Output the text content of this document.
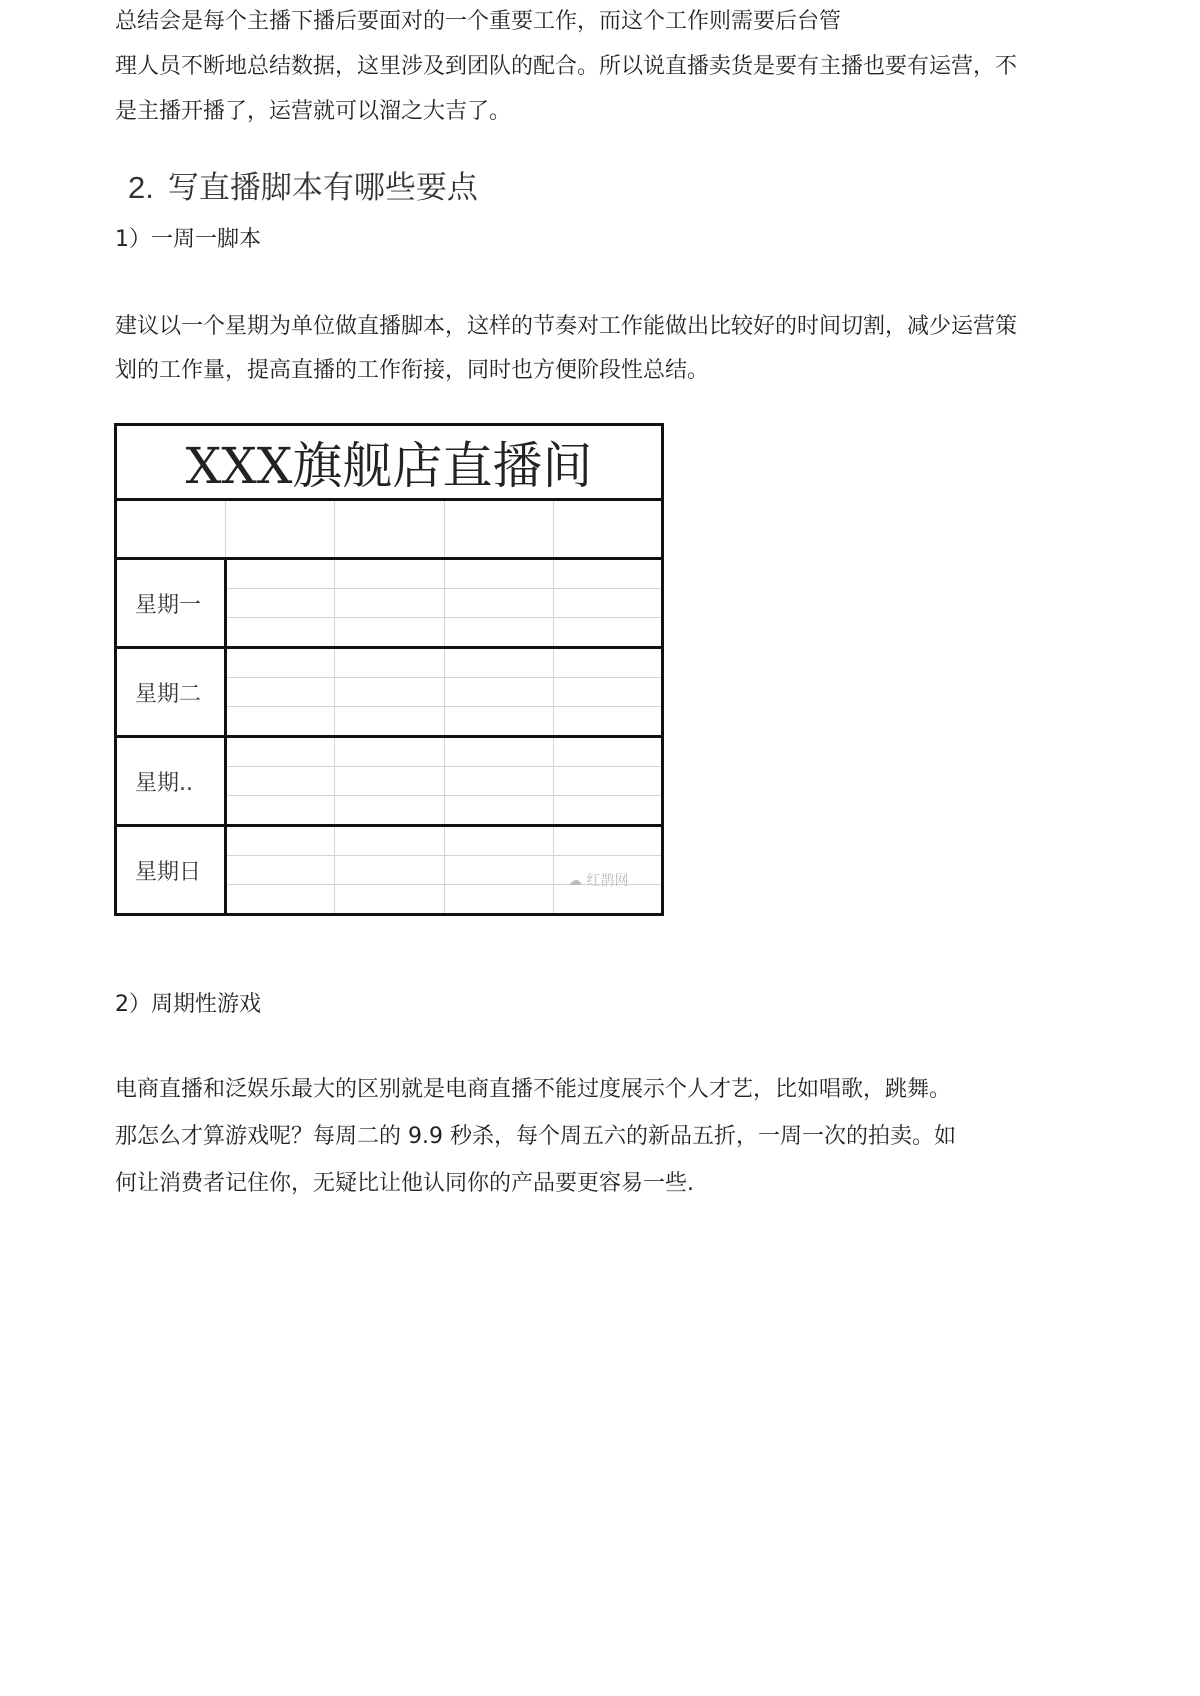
总结会是每个主播下播后要面对的一个重要工作，而这个工作则需要后台管
理人员不断地总结数据，这里涉及到团队的配合。所以说直播卖货是要有主播也要有运营，不
是主播开播了，运营就可以溜之大吉了。
2. 写直播脚本有哪些要点
1）一周一脚本
建议以一个星期为单位做直播脚本，这样的节奏对工作能做出比较好的时间切割，减少运营策
划的工作量，提高直播的工作衔接，同时也方便阶段性总结。
XXX旗舰店直播间				

星期一				

星期二				

星期..				

星期日				

				☁ 红鹊网
2）周期性游戏
电商直播和泛娱乐最大的区别就是电商直播不能过度展示个人才艺，比如唱歌，跳舞。
那怎么才算游戏呢？每周二的 9.9 秒杀，每个周五六的新品五折，一周一次的拍卖。如
何让消费者记住你，无疑比让他认同你的产品要更容易一些.
